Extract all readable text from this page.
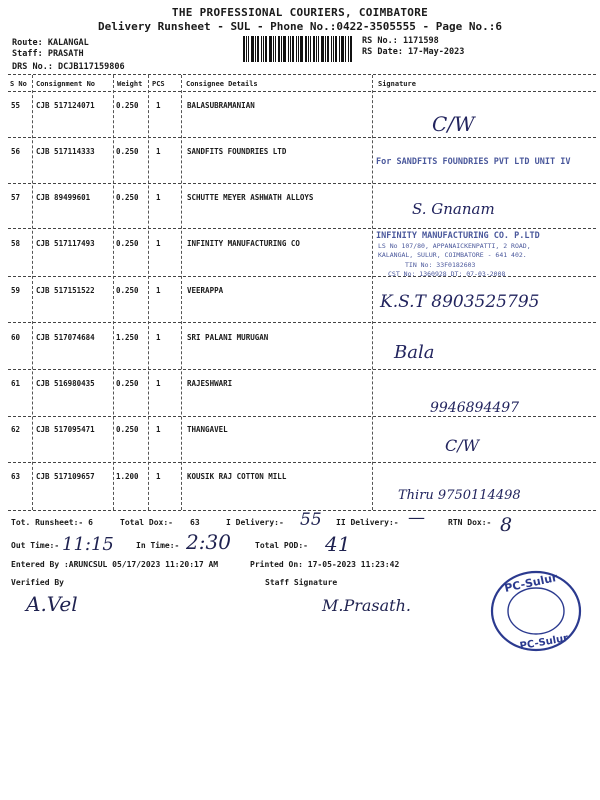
THE PROFESSIONAL COURIERS, COIMBATORE
Delivery Runsheet - SUL - Phone No.:0422-3505555 - Page No.:6
Route: KALANGAL
Staff: PRASATH
DRS No.: DCJB117159806
RS No.: 1171598
RS Date: 17-May-2023
S No Consignment No	Weight PCS	Consignee Details	Signature
55 CJB 517124071	0.250 1	BALASUBRAMANIAN
C/W
56 CJB 517114333	0.250 1	SANDFITS FOUNDRIES LTD
For SANDFITS FOUNDRIES PVT LTD UNIT IV
57 CJB 89499601	0.250 1	SCHUTTE MEYER ASHWATH ALLOYS
S. Gnanam
58 CJB 517117493	0.250 1	INFINITY MANUFACTURING CO
INFINITY MANUFACTURING CO. P.LTD
LS No 107/80, APPANAICKENPATTI, 2 ROAD,
KALANGAL, SULUR, COIMBATORE - 641 402.
TIN No: 33F0182603
CST No: 1360928 DT: 07-03-2008
59 CJB 517151522	0.250 1	VEERAPPA
K.S.T 8903525795
60 CJB 517074684	1.250 1	SRI PALANI MURUGAN
Bala
61 CJB 516980435	0.250 1	RAJESHWARI
9946894497
62 CJB 517095471	0.250 1	THANGAVEL
C/W
63 CJB 517109657	1.200 1	KOUSIK RAJ COTTON MILL
Thiru 9750114498
Tot. Runsheet:- 6	Total Dox:- 63	I Delivery:- 55 II Delivery:- —	RTN Dox:- 8
Out Time:- 11:15	In Time:- 2:30	Total POD:- 41
Entered By :ARUNCSUL 05/17/2023 11:20:17 AM	Printed On: 17-05-2023 11:23:42
Verified By
A.Vel
Staff Signature
M.Prasath.
PC-Sulur
PC-Sulur
